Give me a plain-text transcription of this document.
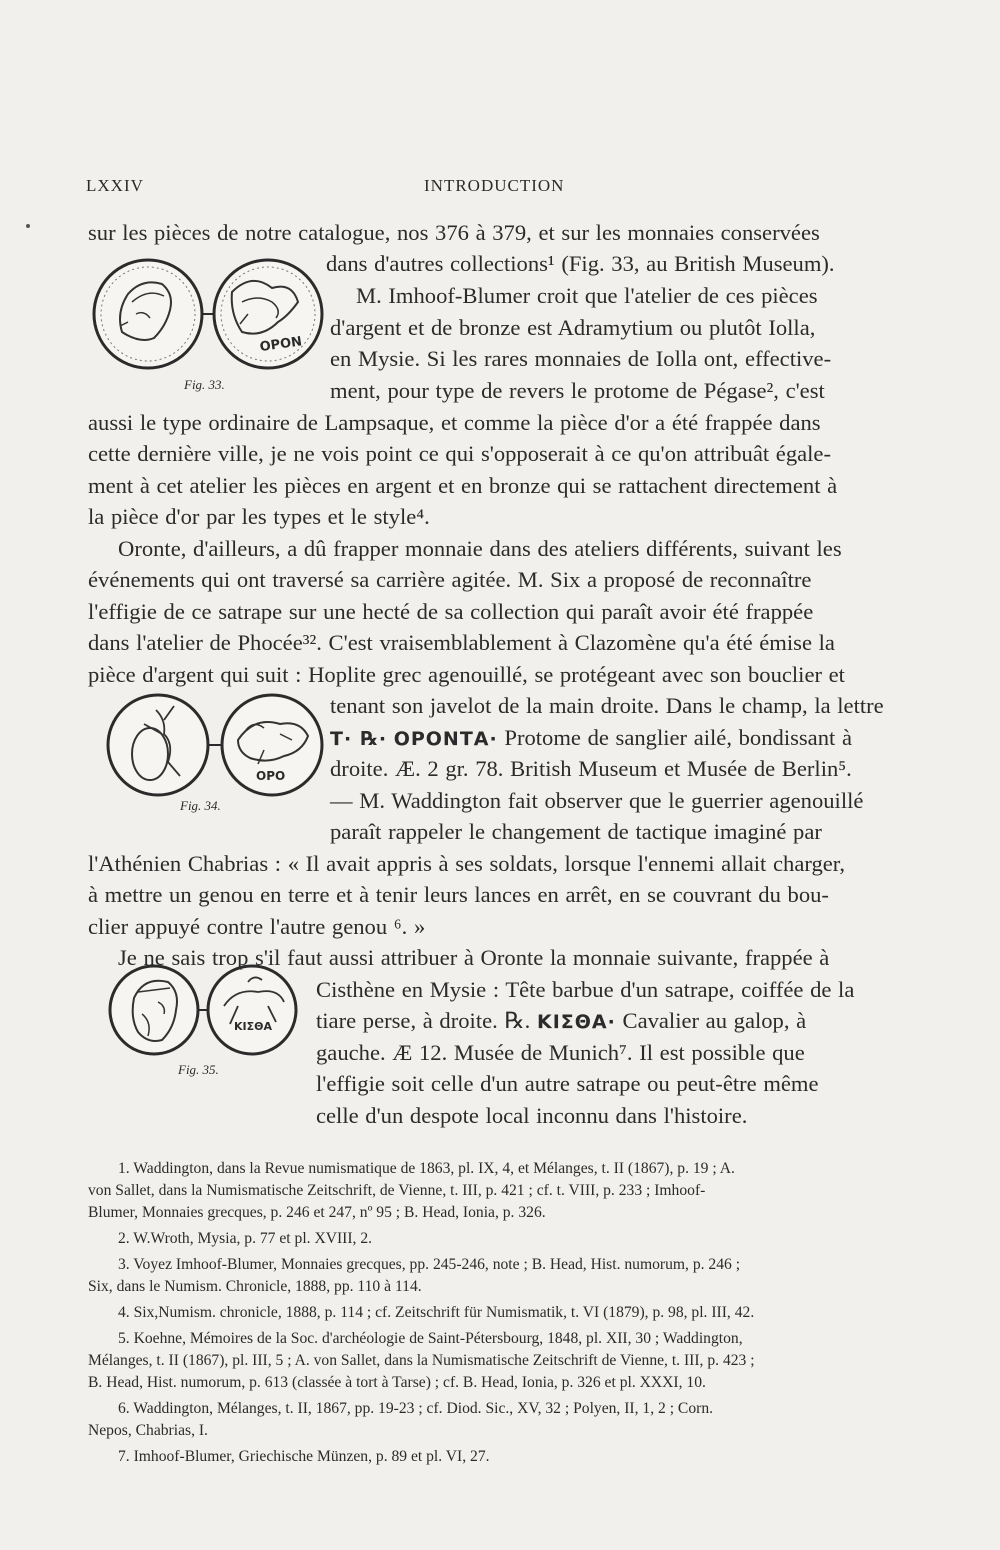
LXXIV	INTRODUCTION
ΟΡΟΝ
Fig. 33.
ΟΡΟ
Fig. 34.
ΚΙΣΘΑ
Fig. 35.
sur les pièces de notre catalogue, nos 376 à 379, et sur les monnaies conservées
dans d'autres collections¹ (Fig. 33, au British Museum).
M. Imhoof-Blumer croit que l'atelier de ces pièces
d'argent et de bronze est Adramytium ou plutôt Iolla,
en Mysie. Si les rares monnaies de Iolla ont, effective-
ment, pour type de revers le protome de Pégase², c'est
aussi le type ordinaire de Lampsaque, et comme la pièce d'or a été frappée dans
cette dernière ville, je ne vois point ce qui s'opposerait à ce qu'on attribuât égale-
ment à cet atelier les pièces en argent et en bronze qui se rattachent directement à
la pièce d'or par les types et le style⁴.
Oronte, d'ailleurs, a dû frapper monnaie dans des ateliers différents, suivant les
événements qui ont traversé sa carrière agitée. M. Six a proposé de reconnaître
l'effigie de ce satrape sur une hecté de sa collection qui paraît avoir été frappée
dans l'atelier de Phocée³². C'est vraisemblablement à Clazomène qu'a été émise la
pièce d'argent qui suit : Hoplite grec agenouillé, se protégeant avec son bouclier et
tenant son javelot de la main droite. Dans le champ, la lettre
Τ· ℞· ΟΡΟΝΤΑ· Protome de sanglier ailé, bondissant à
droite. Æ. 2 gr. 78. British Museum et Musée de Berlin⁵.
— M. Waddington fait observer que le guerrier agenouillé
paraît rappeler le changement de tactique imaginé par
l'Athénien Chabrias : « Il avait appris à ses soldats, lorsque l'ennemi allait charger,
à mettre un genou en terre et à tenir leurs lances en arrêt, en se couvrant du bou-
clier appuyé contre l'autre genou ⁶. »
Je ne sais trop s'il faut aussi attribuer à Oronte la monnaie suivante, frappée à
Cisthène en Mysie : Tête barbue d'un satrape, coiffée de la
tiare perse, à droite. ℞. ΚΙΣΘΑ· Cavalier au galop, à
gauche. Æ 12. Musée de Munich⁷. Il est possible que
l'effigie soit celle d'un autre satrape ou peut-être même
celle d'un despote local inconnu dans l'histoire.
1. Waddington, dans la Revue numismatique de 1863, pl. IX, 4, et Mélanges, t. II (1867), p. 19 ; A.
von Sallet, dans la Numismatische Zeitschrift, de Vienne, t. III, p. 421 ; cf. t. VIII, p. 233 ; Imhoof-
Blumer, Monnaies grecques, p. 246 et 247, nº 95 ; B. Head, Ionia, p. 326.
2. W.Wroth, Mysia, p. 77 et pl. XVIII, 2.
3. Voyez Imhoof-Blumer, Monnaies grecques, pp. 245-246, note ; B. Head, Hist. numorum, p. 246 ;
Six, dans le Numism. Chronicle, 1888, pp. 110 à 114.
4. Six,Numism. chronicle, 1888, p. 114 ; cf. Zeitschrift für Numismatik, t. VI (1879), p. 98, pl. III, 42.
5. Koehne, Mémoires de la Soc. d'archéologie de Saint-Pétersbourg, 1848, pl. XII, 30 ; Waddington,
Mélanges, t. II (1867), pl. III, 5 ; A. von Sallet, dans la Numismatische Zeitschrift de Vienne, t. III, p. 423 ;
B. Head, Hist. numorum, p. 613 (classée à tort à Tarse) ; cf. B. Head, Ionia, p. 326 et pl. XXXI, 10.
6. Waddington, Mélanges, t. II, 1867, pp. 19-23 ; cf. Diod. Sic., XV, 32 ; Polyen, II, 1, 2 ; Corn.
Nepos, Chabrias, I.
7. Imhoof-Blumer, Griechische Münzen, p. 89 et pl. VI, 27.
